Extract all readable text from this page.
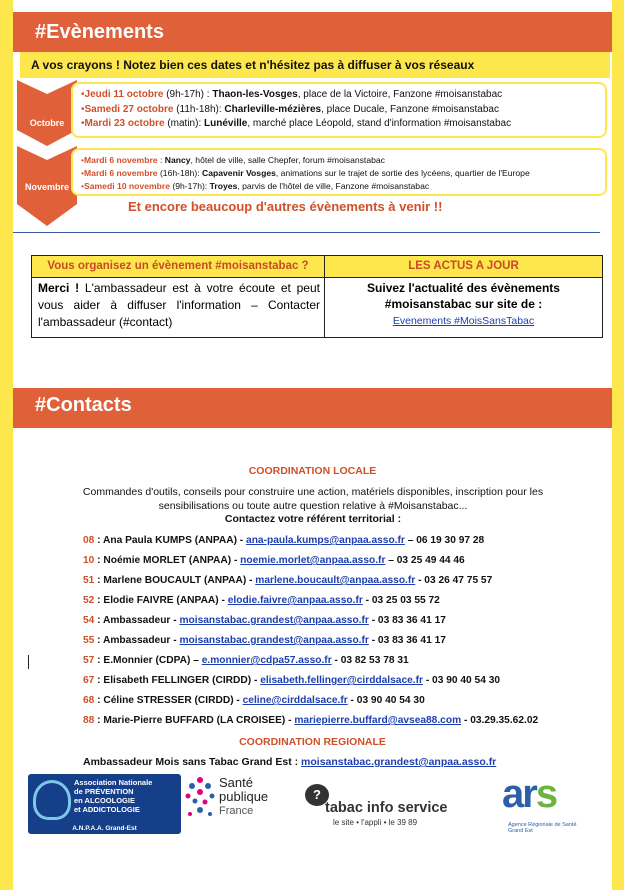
#Evènements
A vos crayons ! Notez bien ces dates et n'hésitez pas à diffuser à vos réseaux
Octobre
•Jeudi 11 octobre (9h-17h) : Thaon-les-Vosges, place de la Victoire, Fanzone #moisanstabac
•Samedi 27 octobre (11h-18h): Charleville-mézières, place Ducale, Fanzone #moisanstabac
•Mardi 23 octobre (matin): Lunéville, marché place Léopold, stand d'information #moisanstabac
Novembre
•Mardi 6 novembre : Nancy, hôtel de ville, salle Chepfer, forum #moisanstabac
•Mardi 6 novembre (16h-18h): Capavenir Vosges, animations sur le trajet de sortie des lycéens, quartier de l'Europe
•Samedi 10 novembre (9h-17h): Troyes, parvis de l'hôtel de ville, Fanzone #moisanstabac
Et encore beaucoup d'autres évènements à venir !!
Vous organisez un évènement #moisanstabac ?	LES ACTUS A JOUR
Merci ! L'ambassadeur est à votre écoute et peut vous aider à diffuser l'information – Contacter l'ambassadeur (#contact)	Suivez l'actualité des évènements
#moisanstabac sur site de :
Evenements #MoisSansTabac
#Contacts
COORDINATION LOCALE
Commandes d'outils, conseils pour construire une action, matériels disponibles, inscription pour les sensibilisations ou toute autre question relative à #Moisanstabac...
Contactez votre référent territorial :
08 : Ana Paula KUMPS (ANPAA) - ana-paula.kumps@anpaa.asso.fr – 06 19 30 97 28
10 : Noémie MORLET (ANPAA) - noemie.morlet@anpaa.asso.fr – 03 25 49 44 46
51 : Marlene BOUCAULT (ANPAA) - marlene.boucault@anpaa.asso.fr - 03 26 47 75 57
52 : Elodie FAIVRE (ANPAA) - elodie.faivre@anpaa.asso.fr - 03 25 03 55 72
54 : Ambassadeur - moisanstabac.grandest@anpaa.asso.fr - 03 83 36 41 17
55 : Ambassadeur - moisanstabac.grandest@anpaa.asso.fr - 03 83 36 41 17
57 : E.Monnier (CDPA) – e.monnier@cdpa57.asso.fr - 03 82 53 78 31
67 : Elisabeth FELLINGER (CIRDD) - elisabeth.fellinger@cirddalsace.fr - 03 90 40 54 30
68 : Céline STRESSER (CIRDD) - celine@cirddalsace.fr - 03 90 40 54 30
88 : Marie-Pierre BUFFARD (LA CROISEE) - mariepierre.buffard@avsea88.com - 03.29.35.62.02
COORDINATION REGIONALE
Ambassadeur Mois sans Tabac Grand Est : moisanstabac.grandest@anpaa.asso.fr
Association Nationale
de PRÉVENTION
en ALCOOLOGIE
et ADDICTOLOGIE
A.N.P.A.A. Grand-Est
Santé
publique
France
?
tabac info service
le site • l'appli • le 39 89
ars
Agence Régionale de Santé Grand Est
